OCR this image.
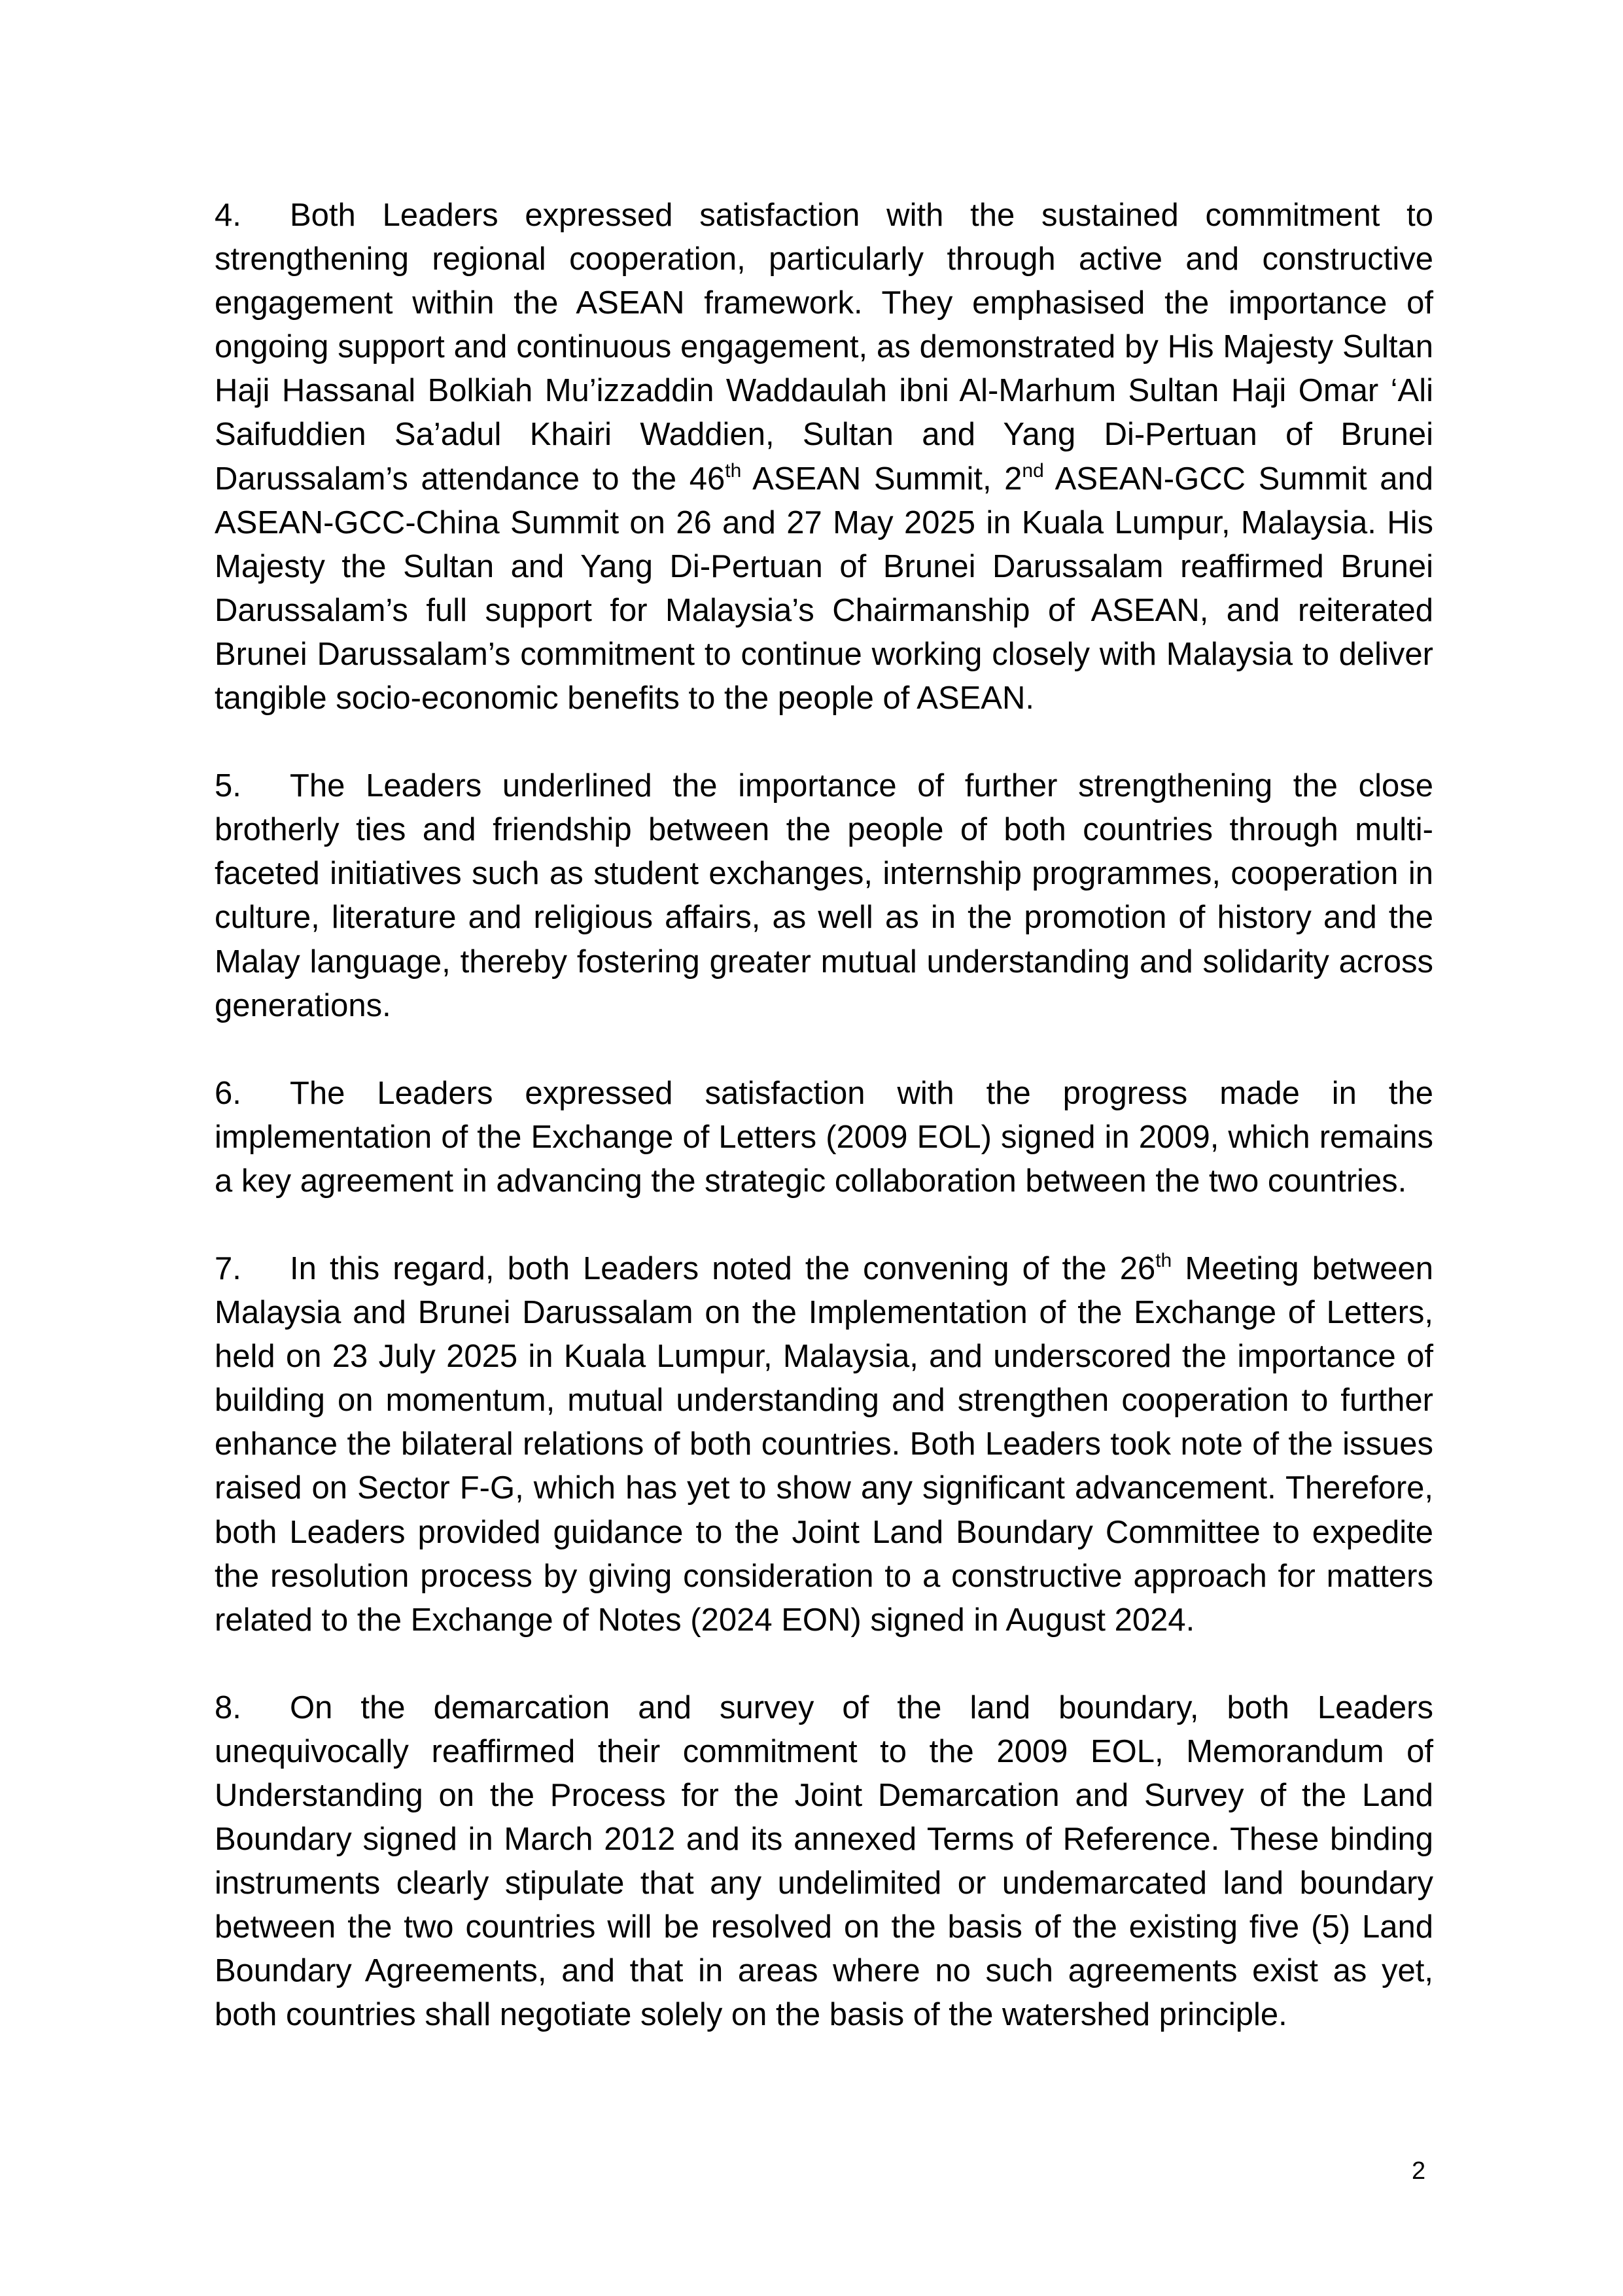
4. Both Leaders expressed satisfaction with the sustained commitment to strengthening regional cooperation, particularly through active and constructive engagement within the ASEAN framework. They emphasised the importance of ongoing support and continuous engagement, as demonstrated by His Majesty Sultan Haji Hassanal Bolkiah Mu’izzaddin Waddaulah ibni Al-Marhum Sultan Haji Omar ‘Ali Saifuddien Sa’adul Khairi Waddien, Sultan and Yang Di-Pertuan of Brunei Darussalam’s attendance to the 46th ASEAN Summit, 2nd ASEAN-GCC Summit and ASEAN-GCC-China Summit on 26 and 27 May 2025 in Kuala Lumpur, Malaysia. His Majesty the Sultan and Yang Di-Pertuan of Brunei Darussalam reaffirmed Brunei Darussalam’s full support for Malaysia’s Chairmanship of ASEAN, and reiterated Brunei Darussalam’s commitment to continue working closely with Malaysia to deliver tangible socio-economic benefits to the people of ASEAN.

5. The Leaders underlined the importance of further strengthening the close brotherly ties and friendship between the people of both countries through multi-faceted initiatives such as student exchanges, internship programmes, cooperation in culture, literature and religious affairs, as well as in the promotion of history and the Malay language, thereby fostering greater mutual understanding and solidarity across generations.

6. The Leaders expressed satisfaction with the progress made in the implementation of the Exchange of Letters (2009 EOL) signed in 2009, which remains a key agreement in advancing the strategic collaboration between the two countries.

7. In this regard, both Leaders noted the convening of the 26th Meeting between Malaysia and Brunei Darussalam on the Implementation of the Exchange of Letters, held on 23 July 2025 in Kuala Lumpur, Malaysia, and underscored the importance of building on momentum, mutual understanding and strengthen cooperation to further enhance the bilateral relations of both countries. Both Leaders took note of the issues raised on Sector F-G, which has yet to show any significant advancement. Therefore, both Leaders provided guidance to the Joint Land Boundary Committee to expedite the resolution process by giving consideration to a constructive approach for matters related to the Exchange of Notes (2024 EON) signed in August 2024.

8. On the demarcation and survey of the land boundary, both Leaders unequivocally reaffirmed their commitment to the 2009 EOL, Memorandum of Understanding on the Process for the Joint Demarcation and Survey of the Land Boundary signed in March 2012 and its annexed Terms of Reference. These binding instruments clearly stipulate that any undelimited or undemarcated land boundary between the two countries will be resolved on the basis of the existing five (5) Land Boundary Agreements, and that in areas where no such agreements exist as yet, both countries shall negotiate solely on the basis of the watershed principle.

2
